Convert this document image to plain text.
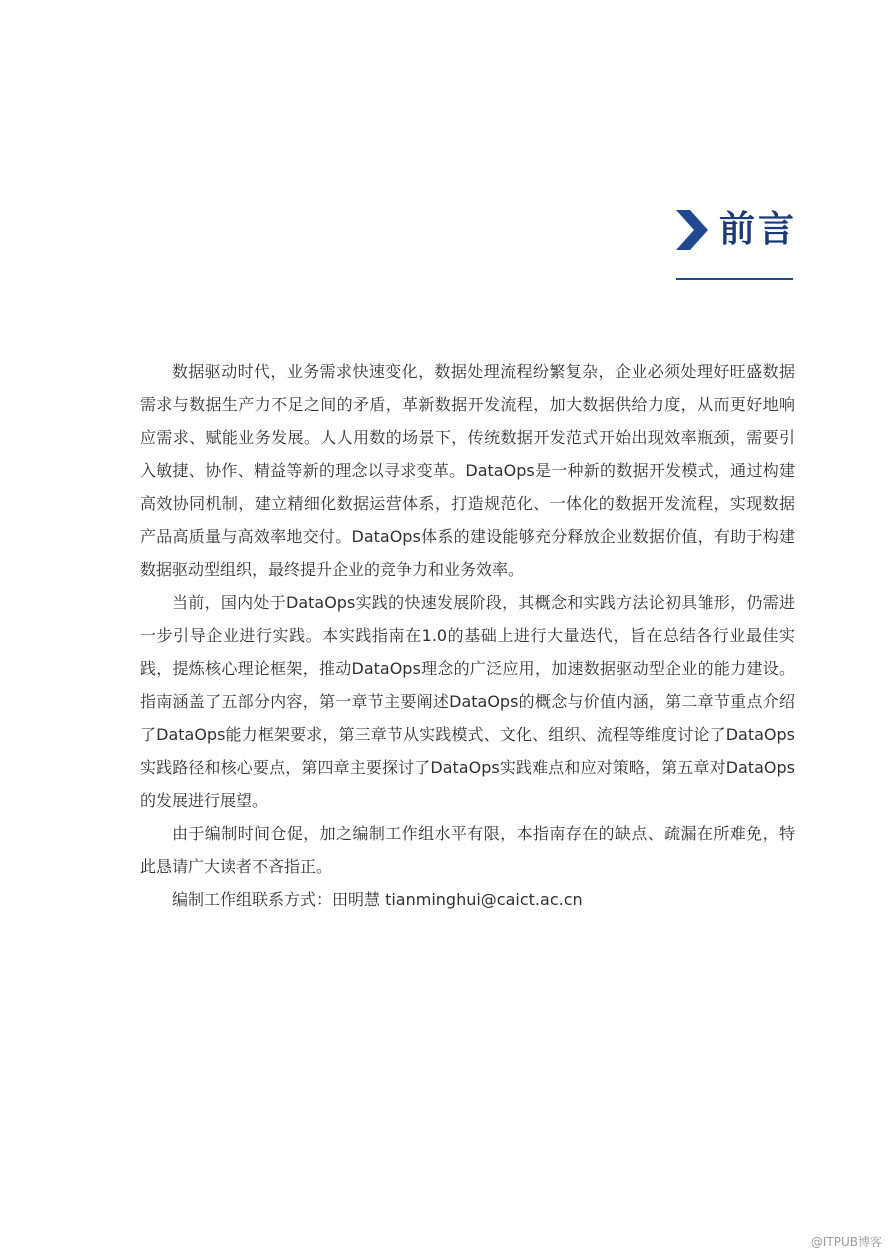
前言

数据驱动时代，业务需求快速变化，数据处理流程纷繁复杂，企业必须处理好旺盛数据需求与数据生产力不足之间的矛盾，革新数据开发流程，加大数据供给力度，从而更好地响应需求、赋能业务发展。人人用数的场景下，传统数据开发范式开始出现效率瓶颈，需要引入敏捷、协作、精益等新的理念以寻求变革。DataOps是一种新的数据开发模式，通过构建高效协同机制，建立精细化数据运营体系，打造规范化、一体化的数据开发流程，实现数据产品高质量与高效率地交付。DataOps体系的建设能够充分释放企业数据价值，有助于构建数据驱动型组织，最终提升企业的竞争力和业务效率。

当前，国内处于DataOps实践的快速发展阶段，其概念和实践方法论初具雏形，仍需进一步引导企业进行实践。本实践指南在1.0的基础上进行大量迭代，旨在总结各行业最佳实践，提炼核心理论框架，推动DataOps理念的广泛应用，加速数据驱动型企业的能力建设。指南涵盖了五部分内容，第一章节主要阐述DataOps的概念与价值内涵，第二章节重点介绍了DataOps能力框架要求，第三章节从实践模式、文化、组织、流程等维度讨论了DataOps实践路径和核心要点，第四章主要探讨了DataOps实践难点和应对策略，第五章对DataOps的发展进行展望。

由于编制时间仓促，加之编制工作组水平有限，本指南存在的缺点、疏漏在所难免，特此恳请广大读者不吝指正。

编制工作组联系方式：田明慧 tianminghui@caict.ac.cn

@ITPUB博客
